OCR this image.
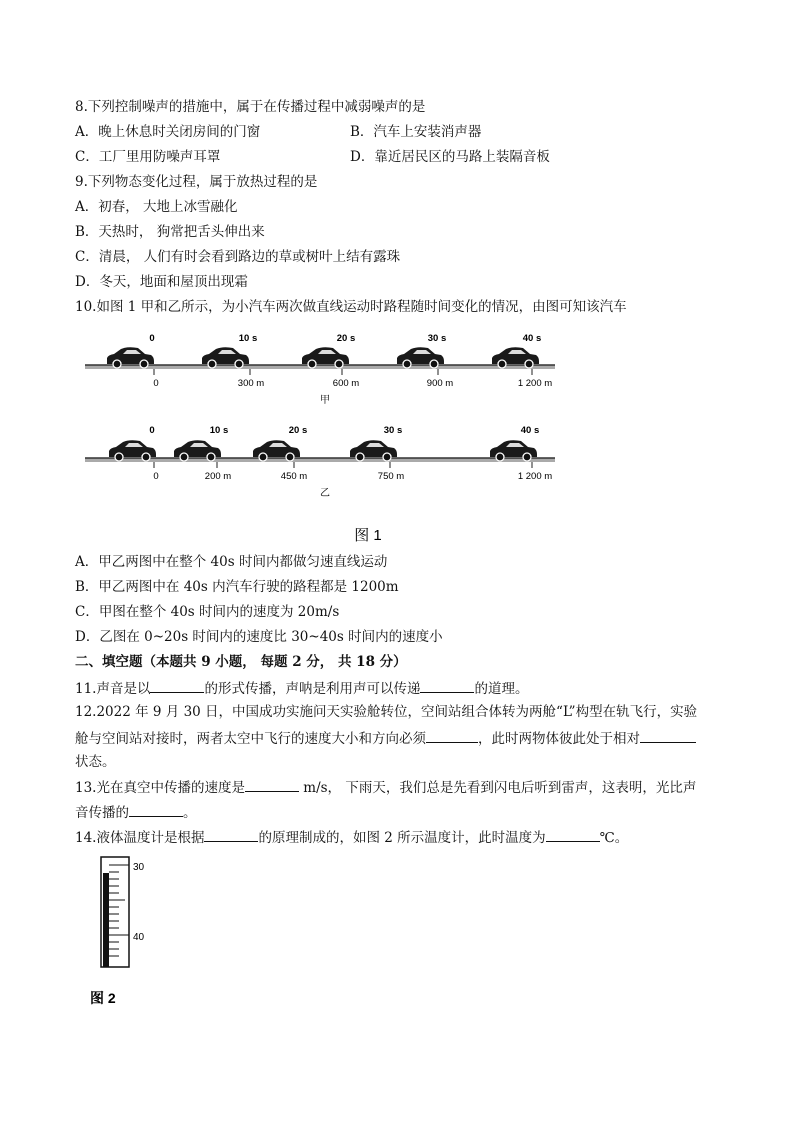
8.下列控制噪声的措施中，属于在传播过程中减弱噪声的是
A．晚上休息时关闭房间的门窗	B．汽车上安装消声器
C．工厂里用防噪声耳罩	D．靠近居民区的马路上装隔音板
9.下列物态变化过程，属于放热过程的是
A．初春， 大地上冰雪融化
B．天热时， 狗常把舌头伸出来
C．清晨， 人们有时会看到路边的草或树叶上结有露珠
D．冬天，地面和屋顶出现霜
10.如图 1 甲和乙所示，为小汽车两次做直线运动时路程随时间变化的情况，由图可知该汽车
0	10 s	20 s	30 s	40 s
0	300 m	600 m	900 m	1 200 m
甲
0	10 s	20 s	30 s	40 s
0	200 m	450 m	750 m	1 200 m
乙
图 1
A．甲乙两图中在整个 40s 时间内都做匀速直线运动
B．甲乙两图中在 40s 内汽车行驶的路程都是 1200m
C．甲图在整个 40s 时间内的速度为 20m/s
D．乙图在 0~20s 时间内的速度比 30~40s 时间内的速度小
二、填空题（本题共 9 小题， 每题 2 分， 共 18 分）
11.声音是以	的形式传播，声呐是利用声可以传递	的道理。
12.2022 年 9 月 30 日，中国成功实施问天实验舱转位，空间站组合体转为两舱“L”构型在轨飞行，实验
舱与空间站对接时，两者太空中飞行的速度大小和方向必须	，此时两物体彼此处于相对
状态。
13.光在真空中传播的速度是	m/s， 下雨天，我们总是先看到闪电后听到雷声，这表明，光比声
音传播的	。
14.液体温度计是根据	的原理制成的，如图 2 所示温度计，此时温度为	℃。
30
40
图 2
